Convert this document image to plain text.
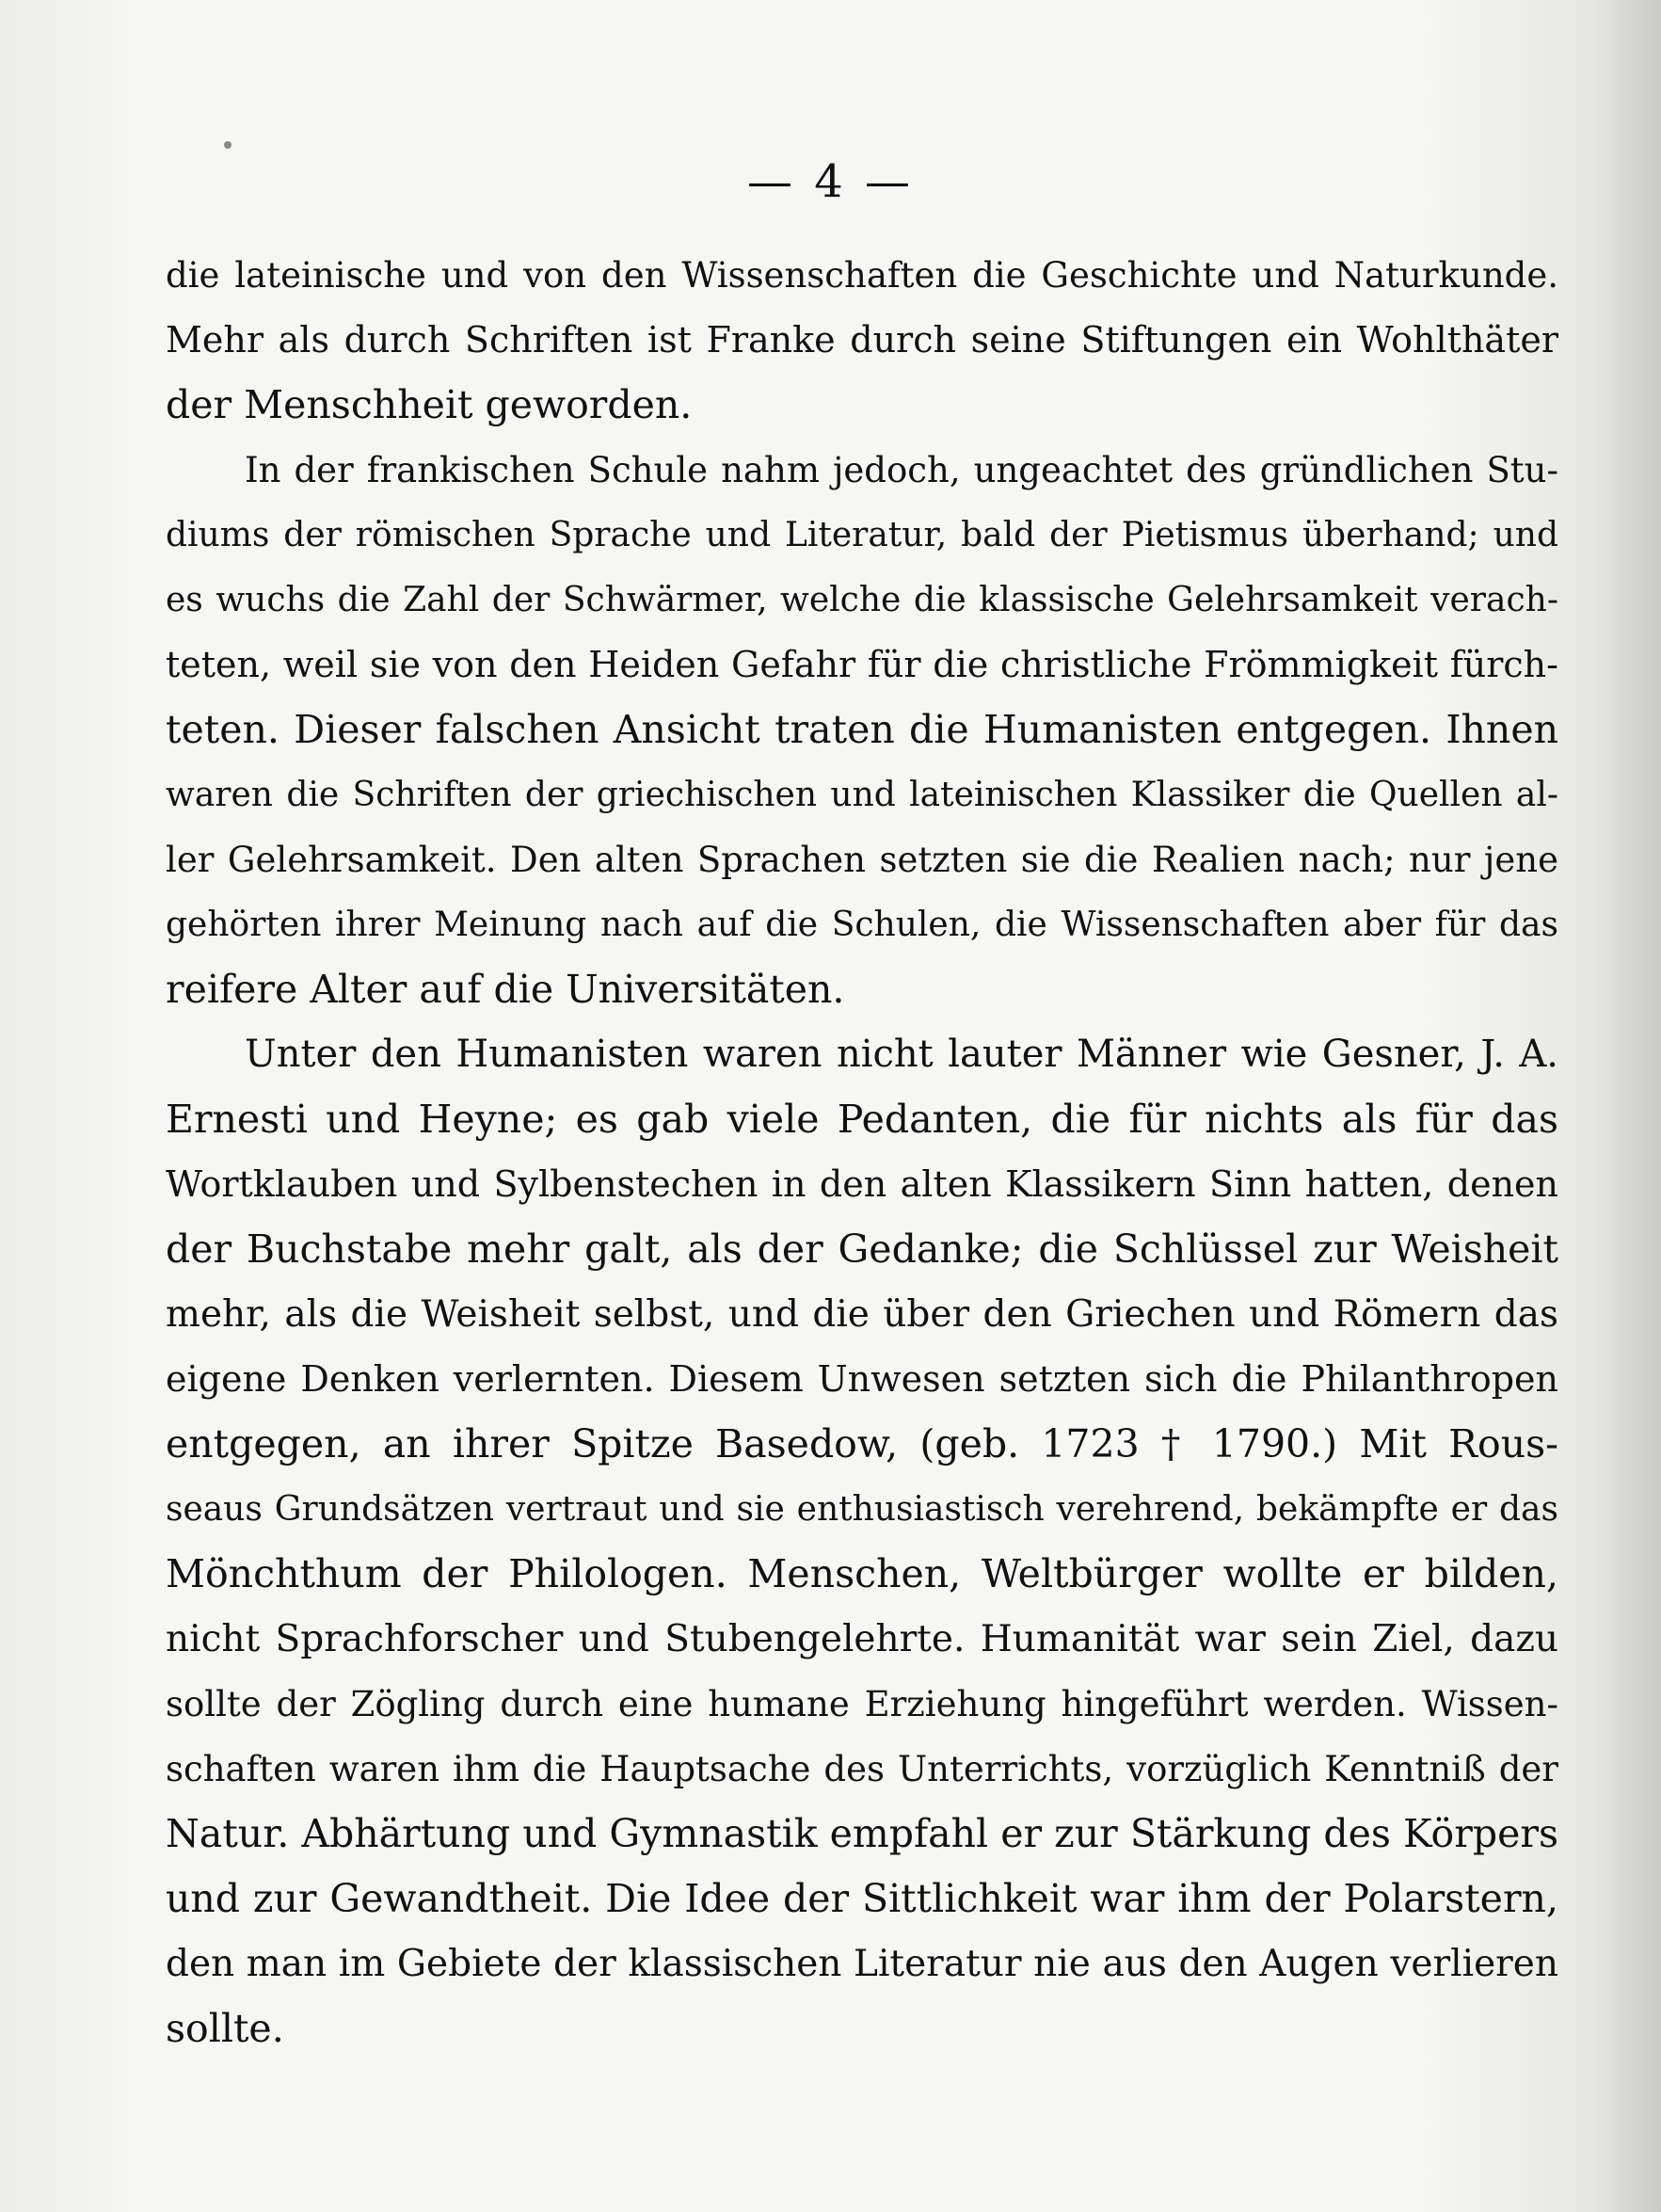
— 4 —
die lateinische und von den Wissenschaften die Geschichte und Naturkunde.
Mehr als durch Schriften ist Franke durch seine Stiftungen ein Wohlthäter
der Menschheit geworden.
In der frankischen Schule nahm jedoch, ungeachtet des gründlichen Stu-
diums der römischen Sprache und Literatur, bald der Pietismus überhand; und
es wuchs die Zahl der Schwärmer, welche die klassische Gelehrsamkeit verach-
teten, weil sie von den Heiden Gefahr für die christliche Frömmigkeit fürch-
teten. Dieser falschen Ansicht traten die Humanisten entgegen. Ihnen
waren die Schriften der griechischen und lateinischen Klassiker die Quellen al-
ler Gelehrsamkeit. Den alten Sprachen setzten sie die Realien nach; nur jene
gehörten ihrer Meinung nach auf die Schulen, die Wissenschaften aber für das
reifere Alter auf die Universitäten.
Unter den Humanisten waren nicht lauter Männer wie Gesner, J. A.
Ernesti und Heyne; es gab viele Pedanten, die für nichts als für das
Wortklauben und Sylbenstechen in den alten Klassikern Sinn hatten, denen
der Buchstabe mehr galt, als der Gedanke; die Schlüssel zur Weisheit
mehr, als die Weisheit selbst, und die über den Griechen und Römern das
eigene Denken verlernten. Diesem Unwesen setzten sich die Philanthropen
entgegen, an ihrer Spitze Basedow, (geb. 1723 † 1790.) Mit Rous-
seaus Grundsätzen vertraut und sie enthusiastisch verehrend, bekämpfte er das
Mönchthum der Philologen. Menschen, Weltbürger wollte er bilden,
nicht Sprachforscher und Stubengelehrte. Humanität war sein Ziel, dazu
sollte der Zögling durch eine humane Erziehung hingeführt werden. Wissen-
schaften waren ihm die Hauptsache des Unterrichts, vorzüglich Kenntniß der
Natur. Abhärtung und Gymnastik empfahl er zur Stärkung des Körpers
und zur Gewandtheit. Die Idee der Sittlichkeit war ihm der Polarstern,
den man im Gebiete der klassischen Literatur nie aus den Augen verlieren
sollte.
